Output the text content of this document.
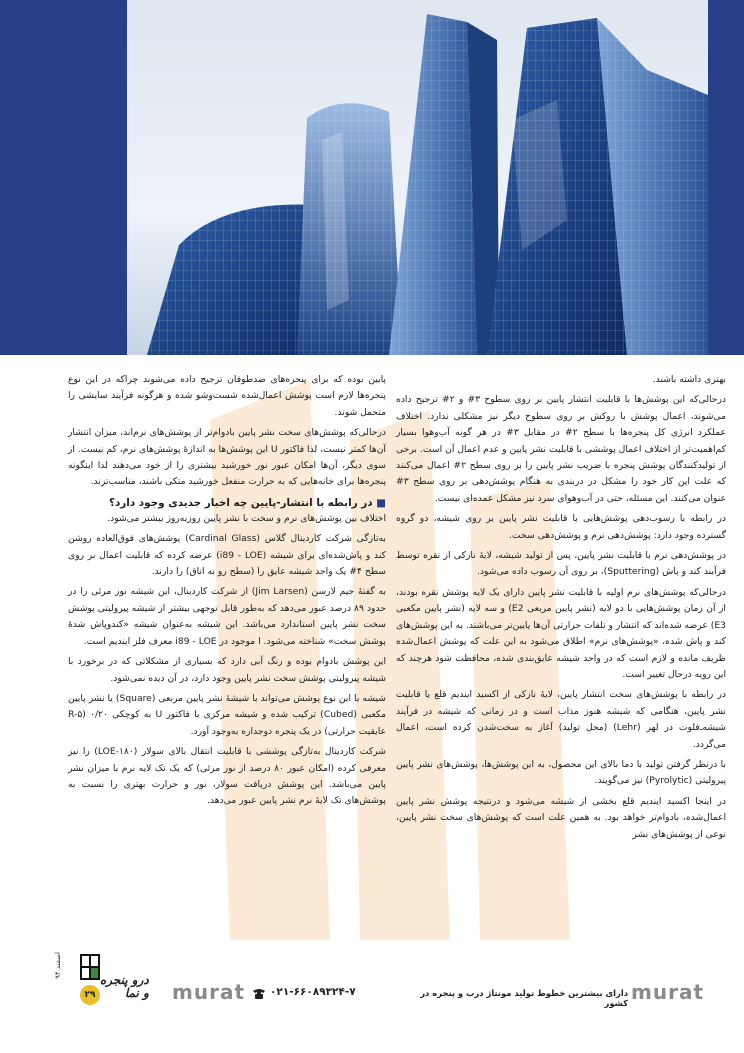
بهتری داشته باشند.

درحالی‌که این پوشش‌ها با قابلیت انتشار پایین بر روی سطوح ۳# و ۲# ترجیح داده می‌شوند، اعمال پوشش با روکش بر روی سطوح دیگر نیز مشکلی ندارد. اختلاف عملکرد انرژی کل پنجره‌ها با سطح ۲# در مقابل ۳# در هر گونه آب‌وهوا بسیار کم‌اهمیت‌تر از اختلاف اعمال پوششی با قابلیت نشر پایین و عدم اعمال آن است. برخی از تولیدکنندگان پوشش پنجره با ضریب نشر پایین را بر روی سطح ۲# اعمال می‌کنند که علت این کار خود را مشکل در دربندی به هنگام پوشش‌دهی بر روی سطح ۳# عنوان می‌کنند. این مسئله، حتی در آب‌وهوای سرد نیز مشکل عمده‌ای نیست.

در رابطه با رسوب‌دهی پوشش‌هایی با قابلیت نشر پایین بر روی شیشه، دو گروه گسترده وجود دارد: پوشش‌دهی نرم و پوشش‌دهی سخت.

در پوشش‌دهی نرم با قابلیت نشر پایین، پس از تولید شیشه، لایهٔ نازکی از نقره توسط فرآیند کند و پاش (Sputtering)، بر روی آن رسوب داده می‌شود.

درحالی‌که پوشش‌های نرم اولیه با قابلیت نشر پایین دارای یک لایه پوشش نقره بودند، از آن زمان پوشش‌هایی با دو لایه (نشر پایین مربعی E2) و سه لایه (نشر پایین مکعبی E3) عرضه شده‌اند که انتشار و تلفات حرارتی آن‌ها پایین‌تر می‌باشند. به این پوشش‌های کند و پاش شده، «پوشش‌های نرم» اطلاق می‌شود به این علت که پوشش اعمال‌شده ظریف مانده و لازم است که در واحد شیشه عایق‌بندی شده، محافظت شود هرچند که این رویه درحال تغییر است.

در رابطه با پوشش‌های سخت انتشار پایین، لایهٔ نازکی از اکسید ایندیم قلع یا قابلیت نشر پایین، هنگامی که شیشه هنوز مذاب است و در زمانی که شیشه در فرآیند شیشه‌ـ‌فلوت در لهر (Lehr) (محل تولید) آغاز به سخت‌شدن کرده است، اعمال می‌گردد.

با درنظر گرفتن تولید با دما بالای این محصول، به این پوشش‌ها، پوشش‌های نشر پایین پیرولیتی (Pyrolytic) نیز می‌گویند.

در اینجا اکسید ایندیم قلع بخشی از شیشه می‌شود و درنتیجه پوشش نشر پایین اعمال‌شده، بادوام‌تر خواهد بود. به همین علت است که پوشش‌های سخت نشر پایین، نوعی از پوشش‌های نشر

پایین بوده که برای پنجره‌های ضدطوفان ترجیح داده می‌شوند چراکه در این نوع پنجره‌ها لازم است پوشش اعمال‌شده شست‌وشو شده و هرگونه فرآیند سایشی را متحمل شوند.

درحالی‌که پوشش‌های سخت نشر پایین بادوام‌تر از پوشش‌های نرم‌اند، میزان انتشار آن‌ها کمتر نیست، لذا فاکتور U این پوشش‌ها به اندازهٔ پوشش‌های نرم، کم نیست. از سوی دیگر، آن‌ها امکان عبور نور خورشید بیشتری را از خود می‌دهند لذا اینگونه پنجره‌ها برای خانه‌هایی که به حرارت منفعل خورشید متکی باشند، مناسب‌ترند.

■ در رابطه با انتشار-پایین چه اخبار جدیدی وجود دارد؟

اختلاف بین پوشش‌های نرم و سخت با نشر پایین روزبه‌روز بیشتر می‌شود.

به‌تازگی شرکت کاردینال گلاس (Cardinal Glass) پوشش‌های فوق‌العاده روشن کند و پاش‌شده‌ای برای شیشه (i89 - LOE) عرضه کرده که قابلیت اعمال بر روی سطح ۴# یک واحد شیشه عایق را (سطح رو به اتاق) را دارند.

به گفتهٔ جیم لارسن (Jim Larsen) از شرکت کاردینال، این شیشه نور مرئی را در حدود ۸۹ درصد عبور می‌دهد که به‌طور قابل توجهی بیشتر از شیشه پیرولیتی پوشش سخت نشر پایین استاندارد می‌باشد. این شیشه به‌عنوان شیشه «کندوپاش شدهٔ پوشش سخت» شناخته می‌شود. ا موجود در i89 - LOE معرف فلز ایندیم است.

این پوشش بادوام بوده و رنگ آبی دارد که بسیاری از مشکلاتی که در برخورد با شیشه پیرولیتی پوشش سخت نشر پایین وجود دارد، در آن دیده نمی‌شود.

شیشه با این نوع پوشش می‌تواند با شیشهٔ نشر پایین مربعی (Square) یا نشر پایین مکعبی (Cubed) ترکیب شده و شیشه مرکزی با فاکتور U به کوچکی ۰/۲۰ (R-۵ عایقیت حرارتی) در یک پنجره دوجداره به‌وجود آورد.

شرکت کاردینال به‌تازگی پوششی با قابلیت انتقال بالای سولار (LOE-۱۸۰) را نیز معرفی کرده (امکان عبور ۸۰ درصد از نور مرئی) که یک تک لایه نرم با میزان نشر پایین می‌باشد. این پوشش دریافت سولار، نور و حرارت بهتری را نسبت به پوشش‌های تک لایهٔ نرم نشر پایین عبور می‌دهد.

murat
دارای بیشترین خطوط تولید مونتاژ درب و پنجره در کشور
۰۲۱-۶۶۰۸۹۳۲۴-۷
murat
اسفند ۹۴
درو پنجره
و نما
۲۹
